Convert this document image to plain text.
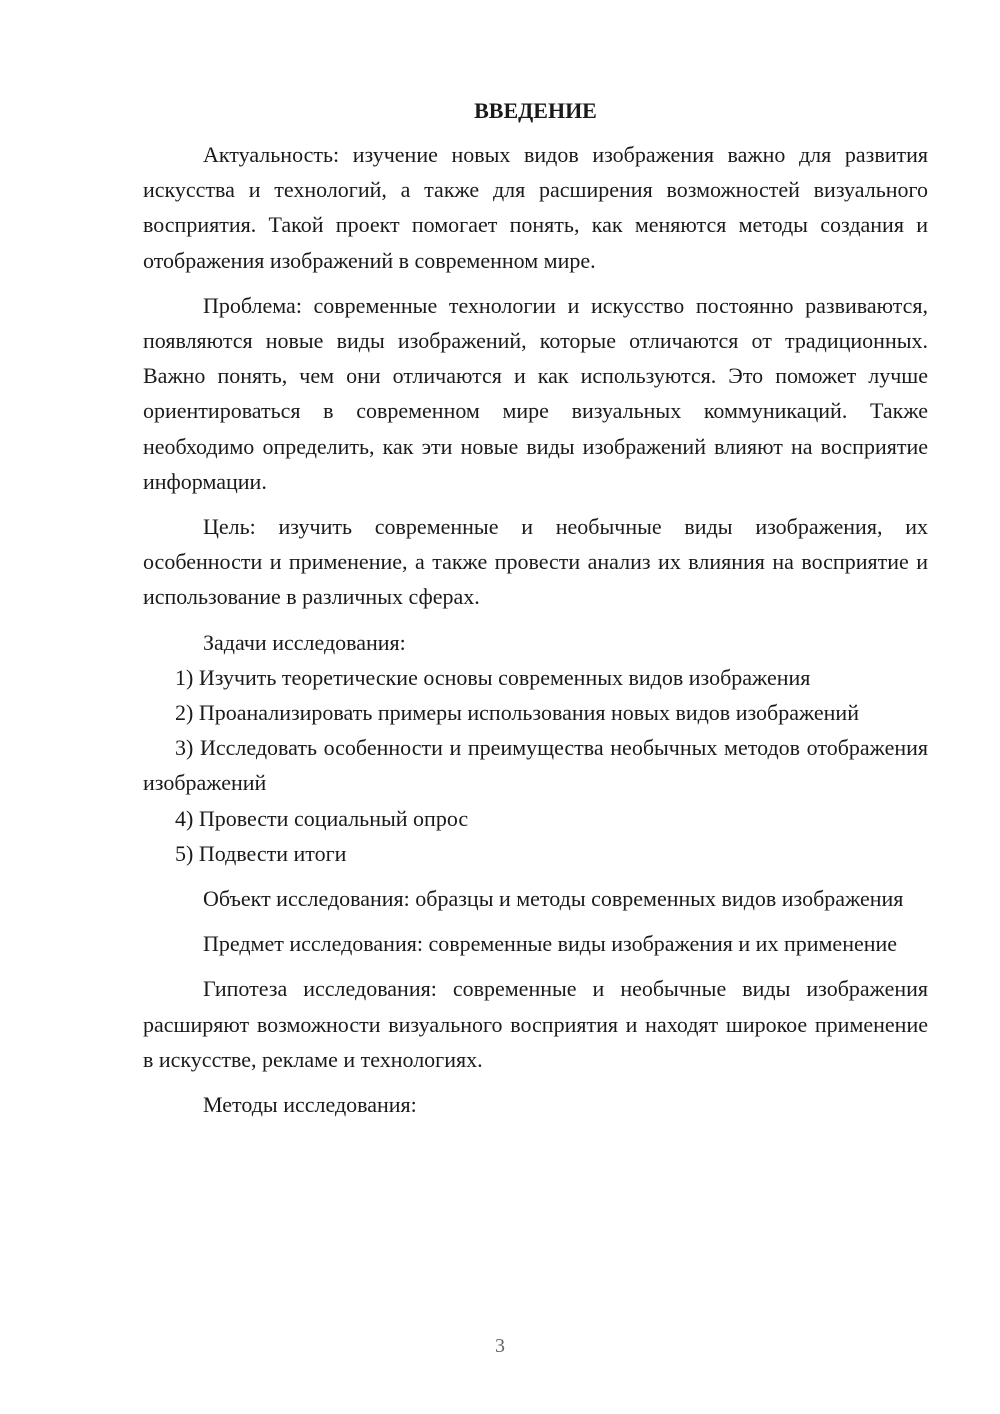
ВВЕДЕНИЕ

Актуальность: изучение новых видов изображения важно для развития искусства и технологий, а также для расширения возможностей визуального восприятия. Такой проект помогает понять, как меняются методы создания и отображения изображений в современном мире.

Проблема: современные технологии и искусство постоянно развиваются, появляются новые виды изображений, которые отличаются от традиционных. Важно понять, чем они отличаются и как используются. Это поможет лучше ориентироваться в современном мире визуальных коммуникаций. Также необходимо определить, как эти новые виды изображений влияют на восприятие информации.

Цель: изучить современные и необычные виды изображения, их особенности и применение, а также провести анализ их влияния на восприятие и использование в различных сферах.

Задачи исследования:

1) Изучить теоретические основы современных видов изображения

2) Проанализировать примеры использования новых видов изображений

3) Исследовать особенности и преимущества необычных методов отображения изображений

4) Провести социальный опрос

5) Подвести итоги

Объект исследования: образцы и методы современных видов изображения

Предмет исследования: современные виды изображения и их применение

Гипотеза исследования: современные и необычные виды изображения расширяют возможности визуального восприятия и находят широкое применение в искусстве, рекламе и технологиях.

Методы исследования:

3
